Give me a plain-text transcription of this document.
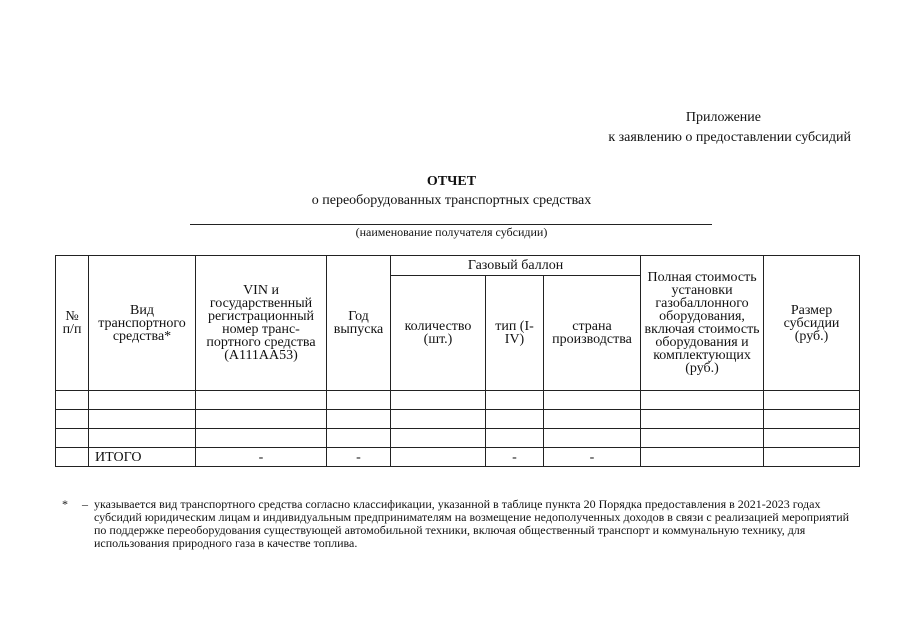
Приложение
к заявлению о предоставлении субсидий
ОТЧЕТ
о переоборудованных транспортных средствах
(наименование получателя субсидии)
№ п/п	Вид транспортного средства*	VIN и государственный регистрационный номер транс-портного средства (А111АА53)	Год выпуска	Газовый баллон			Полная стоимость установки газобаллонного оборудования, включая стоимость оборудования и комплектующих (руб.)	Размер субсидии (руб.)
				количество (шт.)	тип (I-IV)	страна производства		

	ИТОГО	-	-		-	-		
* – указывается вид транспортного средства согласно классификации, указанной в таблице пункта 20 Порядка предоставления в 2021-2023 годах субсидий юридическим лицам и индивидуальным предпринимателям на возмещение недополученных доходов в связи с реализацией мероприятий по поддержке переоборудования существующей автомобильной техники, включая общественный транспорт и коммунальную технику, для использования природного газа в качестве топлива.
